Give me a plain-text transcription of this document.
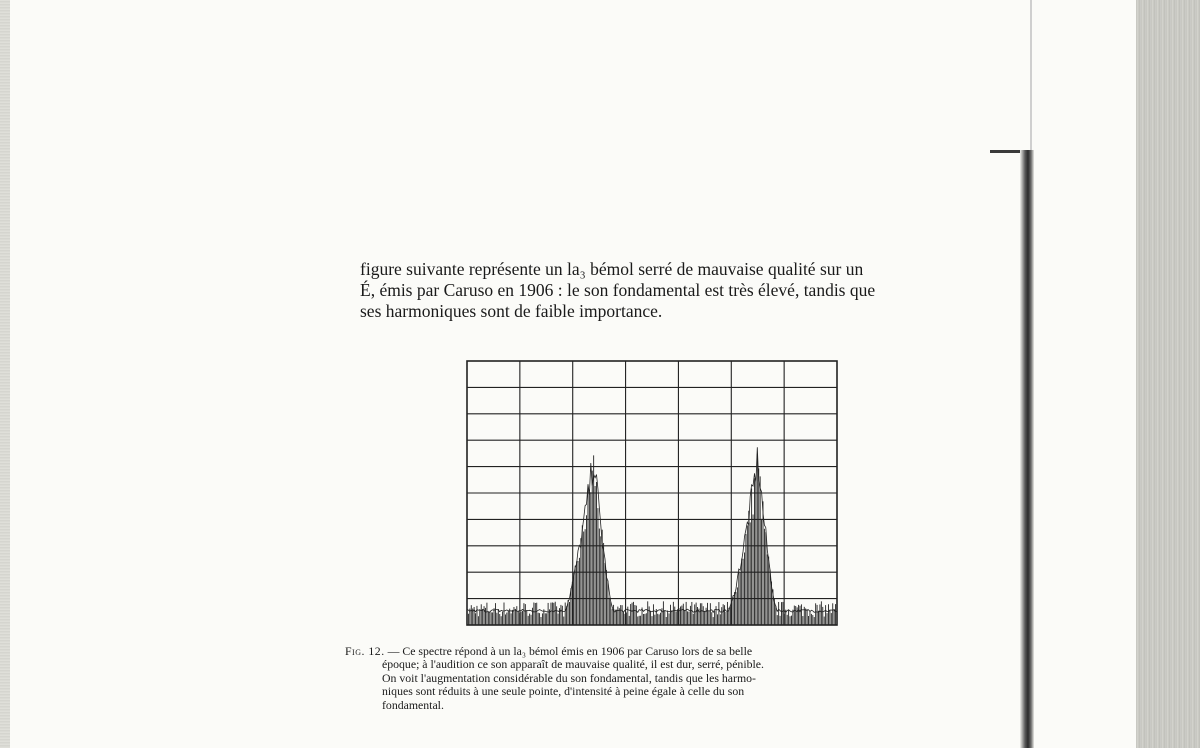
figure suivante représente un la₃ bémol serré de mauvaise qualité sur un
É, émis par Caruso en 1906 : le son fondamental est très élevé, tandis que
ses harmoniques sont de faible importance.
Fig. 12. — Ce spectre répond à un la₃ bémol émis en 1906 par Caruso lors de sa belle
époque; à l'audition ce son apparaît de mauvaise qualité, il est dur, serré, pénible.
On voit l'augmentation considérable du son fondamental, tandis que les harmo-
niques sont réduits à une seule pointe, d'intensité à peine égale à celle du son
fondamental.
